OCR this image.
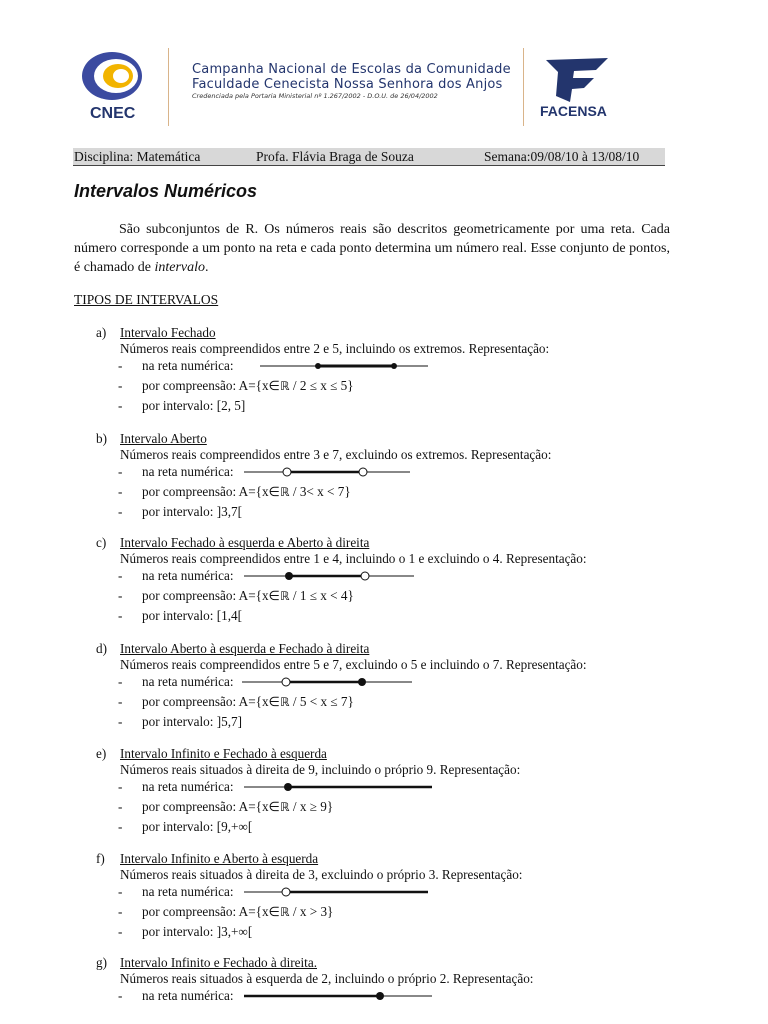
CNEC
Campanha Nacional de Escolas da Comunidade
Faculdade Cenecista Nossa Senhora dos Anjos
Credenciada pela Portaria Ministerial nº 1.267/2002 - D.O.U. de 26/04/2002
FACENSA
Disciplina: Matemática	Profa. Flávia Braga de Souza	Semana:09/08/10 à 13/08/10
Intervalos Numéricos

São subconjuntos de R. Os números reais são descritos geometricamente por uma reta. Cada número corresponde a um ponto na reta e cada ponto determina um número real. Esse conjunto de pontos, é chamado de intervalo.

TIPOS DE INTERVALOS
a) Intervalo Fechado
Números reais compreendidos entre 2 e 5, incluindo os extremos. Representação:
- na reta numérica:
- por compreensão: A={x∈ℝ / 2 ≤ x ≤ 5}
- por intervalo: [2, 5]
b) Intervalo Aberto
Números reais compreendidos entre 3 e 7, excluindo os extremos. Representação:
- na reta numérica:
- por compreensão: A={x∈ℝ / 3< x < 7}
- por intervalo: ]3,7[
c) Intervalo Fechado à esquerda e Aberto à direita
Números reais compreendidos entre 1 e 4, incluindo o 1 e excluindo o 4. Representação:
- na reta numérica:
- por compreensão: A={x∈ℝ / 1 ≤ x < 4}
- por intervalo: [1,4[
d) Intervalo Aberto à esquerda e Fechado à direita
Números reais compreendidos entre 5 e 7, excluindo o 5 e incluindo o 7. Representação:
- na reta numérica:
- por compreensão: A={x∈ℝ / 5 < x ≤ 7}
- por intervalo: ]5,7]
e) Intervalo Infinito e Fechado à esquerda
Números reais situados à direita de 9, incluindo o próprio 9. Representação:
- na reta numérica:
- por compreensão: A={x∈ℝ / x ≥ 9}
- por intervalo: [9,+∞[
f) Intervalo Infinito e Aberto à esquerda
Números reais situados à direita de 3, excluindo o próprio 3. Representação:
- na reta numérica:
- por compreensão: A={x∈ℝ / x > 3}
- por intervalo: ]3,+∞[
g) Intervalo Infinito e Fechado à direita.
Números reais situados à esquerda de 2, incluindo o próprio 2. Representação:
- na reta numérica:
